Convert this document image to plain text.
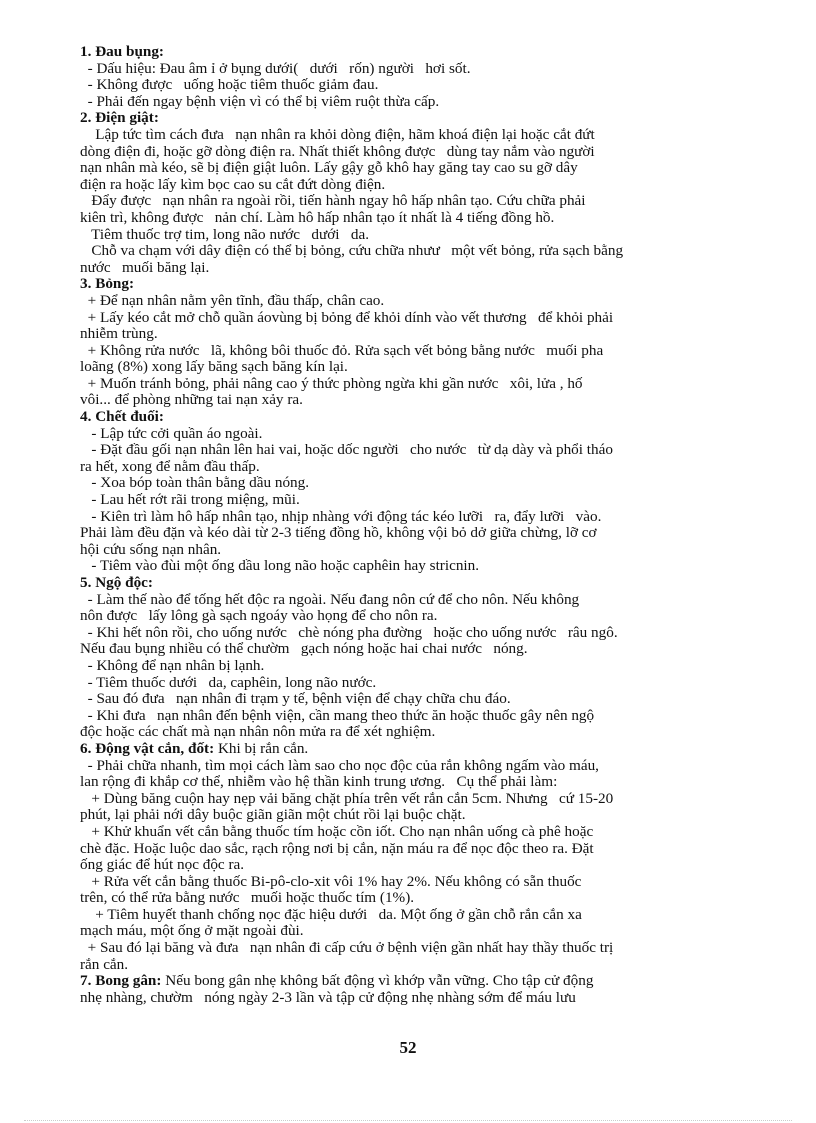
1. Đau bụng:
- Dấu hiệu: Đau âm ỉ ở bụng dưới(   dưới   rốn) người   hơi sốt.
- Không được   uống hoặc tiêm thuốc giảm đau.
- Phải đến ngay bệnh viện vì có thể bị viêm ruột thừa cấp.
2. Điện giật:
Lập tức tìm cách đưa   nạn nhân ra khỏi dòng điện, hãm khoá điện lại hoặc cắt đứt
dòng điện đi, hoặc gỡ dòng điện ra. Nhất thiết không được   dùng tay nắm vào người
nạn nhân mà kéo, sẽ bị điện giật luôn. Lấy gậy gỗ khô hay găng tay cao su gỡ dây
điện ra hoặc lấy kìm bọc cao su cắt đứt dòng điện.
Đẩy được   nạn nhân ra ngoài rồi, tiến hành ngay hô hấp nhân tạo. Cứu chữa phải
kiên trì, không được   nản chí. Làm hô hấp nhân tạo ít nhất là 4 tiếng đồng hồ.
Tiêm thuốc trợ tim, long não nước   dưới   da.
Chỗ va chạm với dây điện có thể bị bỏng, cứu chữa nhưư   một vết bỏng, rửa sạch bằng
nước   muối băng lại.
3. Bỏng:
+ Để nạn nhân nằm yên tĩnh, đầu thấp, chân cao.
+ Lấy kéo cắt mở chỗ quần áovùng bị bỏng để khỏi dính vào vết thương   để khỏi phải
nhiễm trùng.
+ Không rửa nước   lã, không bôi thuốc đỏ. Rửa sạch vết bỏng bằng nước   muối pha
loãng (8%) xong lấy băng sạch băng kín lại.
+ Muốn tránh bỏng, phải nâng cao ý thức phòng ngừa khi gần nước   xôi, lửa , hố
vôi... để phòng những tai nạn xảy ra.
4. Chết đuối:
- Lập tức cởi quần áo ngoài.
- Đặt đầu gối nạn nhân lên hai vai, hoặc dốc người   cho nước   từ dạ dày và phổi tháo
ra hết, xong để nằm đầu thấp.
- Xoa bóp toàn thân bằng dầu nóng.
- Lau hết rớt rãi trong miệng, mũi.
- Kiên trì làm hô hấp nhân tạo, nhịp nhàng với động tác kéo lưỡi   ra, đẩy lưỡi   vào.
Phải làm đều đặn và kéo dài từ 2-3 tiếng đồng hồ, không vội bỏ dở giữa chừng, lỡ cơ
hội cứu sống nạn nhân.
- Tiêm vào đùi một ống dầu long não hoặc caphêin hay stricnin.
5. Ngộ độc:
- Làm thế nào để tống hết độc ra ngoài. Nếu đang nôn cứ để cho nôn. Nếu không
nôn được   lấy lông gà sạch ngoáy vào họng để cho nôn ra.
- Khi hết nôn rồi, cho uống nước   chè nóng pha đường   hoặc cho uống nước   râu ngô.
Nếu đau bụng nhiều có thể chườm   gạch nóng hoặc hai chai nước   nóng.
- Không để nạn nhân bị lạnh.
- Tiêm thuốc dưới   da, caphêin, long não nước.
- Sau đó đưa   nạn nhân đi trạm y tế, bệnh viện để chạy chữa chu đáo.
- Khi đưa   nạn nhân đến bệnh viện, cần mang theo thức ăn hoặc thuốc gây nên ngộ
độc hoặc các chất mà nạn nhân nôn mửa ra để xét nghiệm.
6. Động vật cắn, đốt: Khi bị rắn cắn.
- Phải chữa nhanh, tìm mọi cách làm sao cho nọc độc của rắn không ngấm vào máu,
lan rộng đi khắp cơ thể, nhiễm vào hệ thần kinh trung ương.   Cụ thể phải làm:
+ Dùng băng cuộn hay nẹp vải băng chặt phía trên vết rắn cắn 5cm. Nhưng   cứ 15-20
phút, lại phải nới dây buộc giãn giãn một chút rồi lại buộc chặt.
+ Khử khuẩn vết cắn bằng thuốc tím hoặc cồn iốt. Cho nạn nhân uống cà phê hoặc
chè đặc. Hoặc luộc dao sắc, rạch rộng nơi bị cắn, nặn máu ra để nọc độc theo ra. Đặt
ống giác để hút nọc độc ra.
+ Rửa vết cắn bằng thuốc Bi-pô-clo-xit vôi 1% hay 2%. Nếu không có sẵn thuốc
trên, có thể rửa bằng nước   muối hoặc thuốc tím (1%).
+ Tiêm huyết thanh chống nọc đặc hiệu dưới   da. Một ống ở gần chỗ rắn cắn xa
mạch máu, một ống ở mặt ngoài đùi.
+ Sau đó lại băng và đưa   nạn nhân đi cấp cứu ở bệnh viện gần nhất hay thầy thuốc trị
rắn cắn.
7. Bong gân: Nếu bong gân nhẹ không bất động vì khớp vẫn vững. Cho tập cử động
nhẹ nhàng, chườm   nóng ngày 2-3 lần và tập cử động nhẹ nhàng sớm để máu lưu
52
